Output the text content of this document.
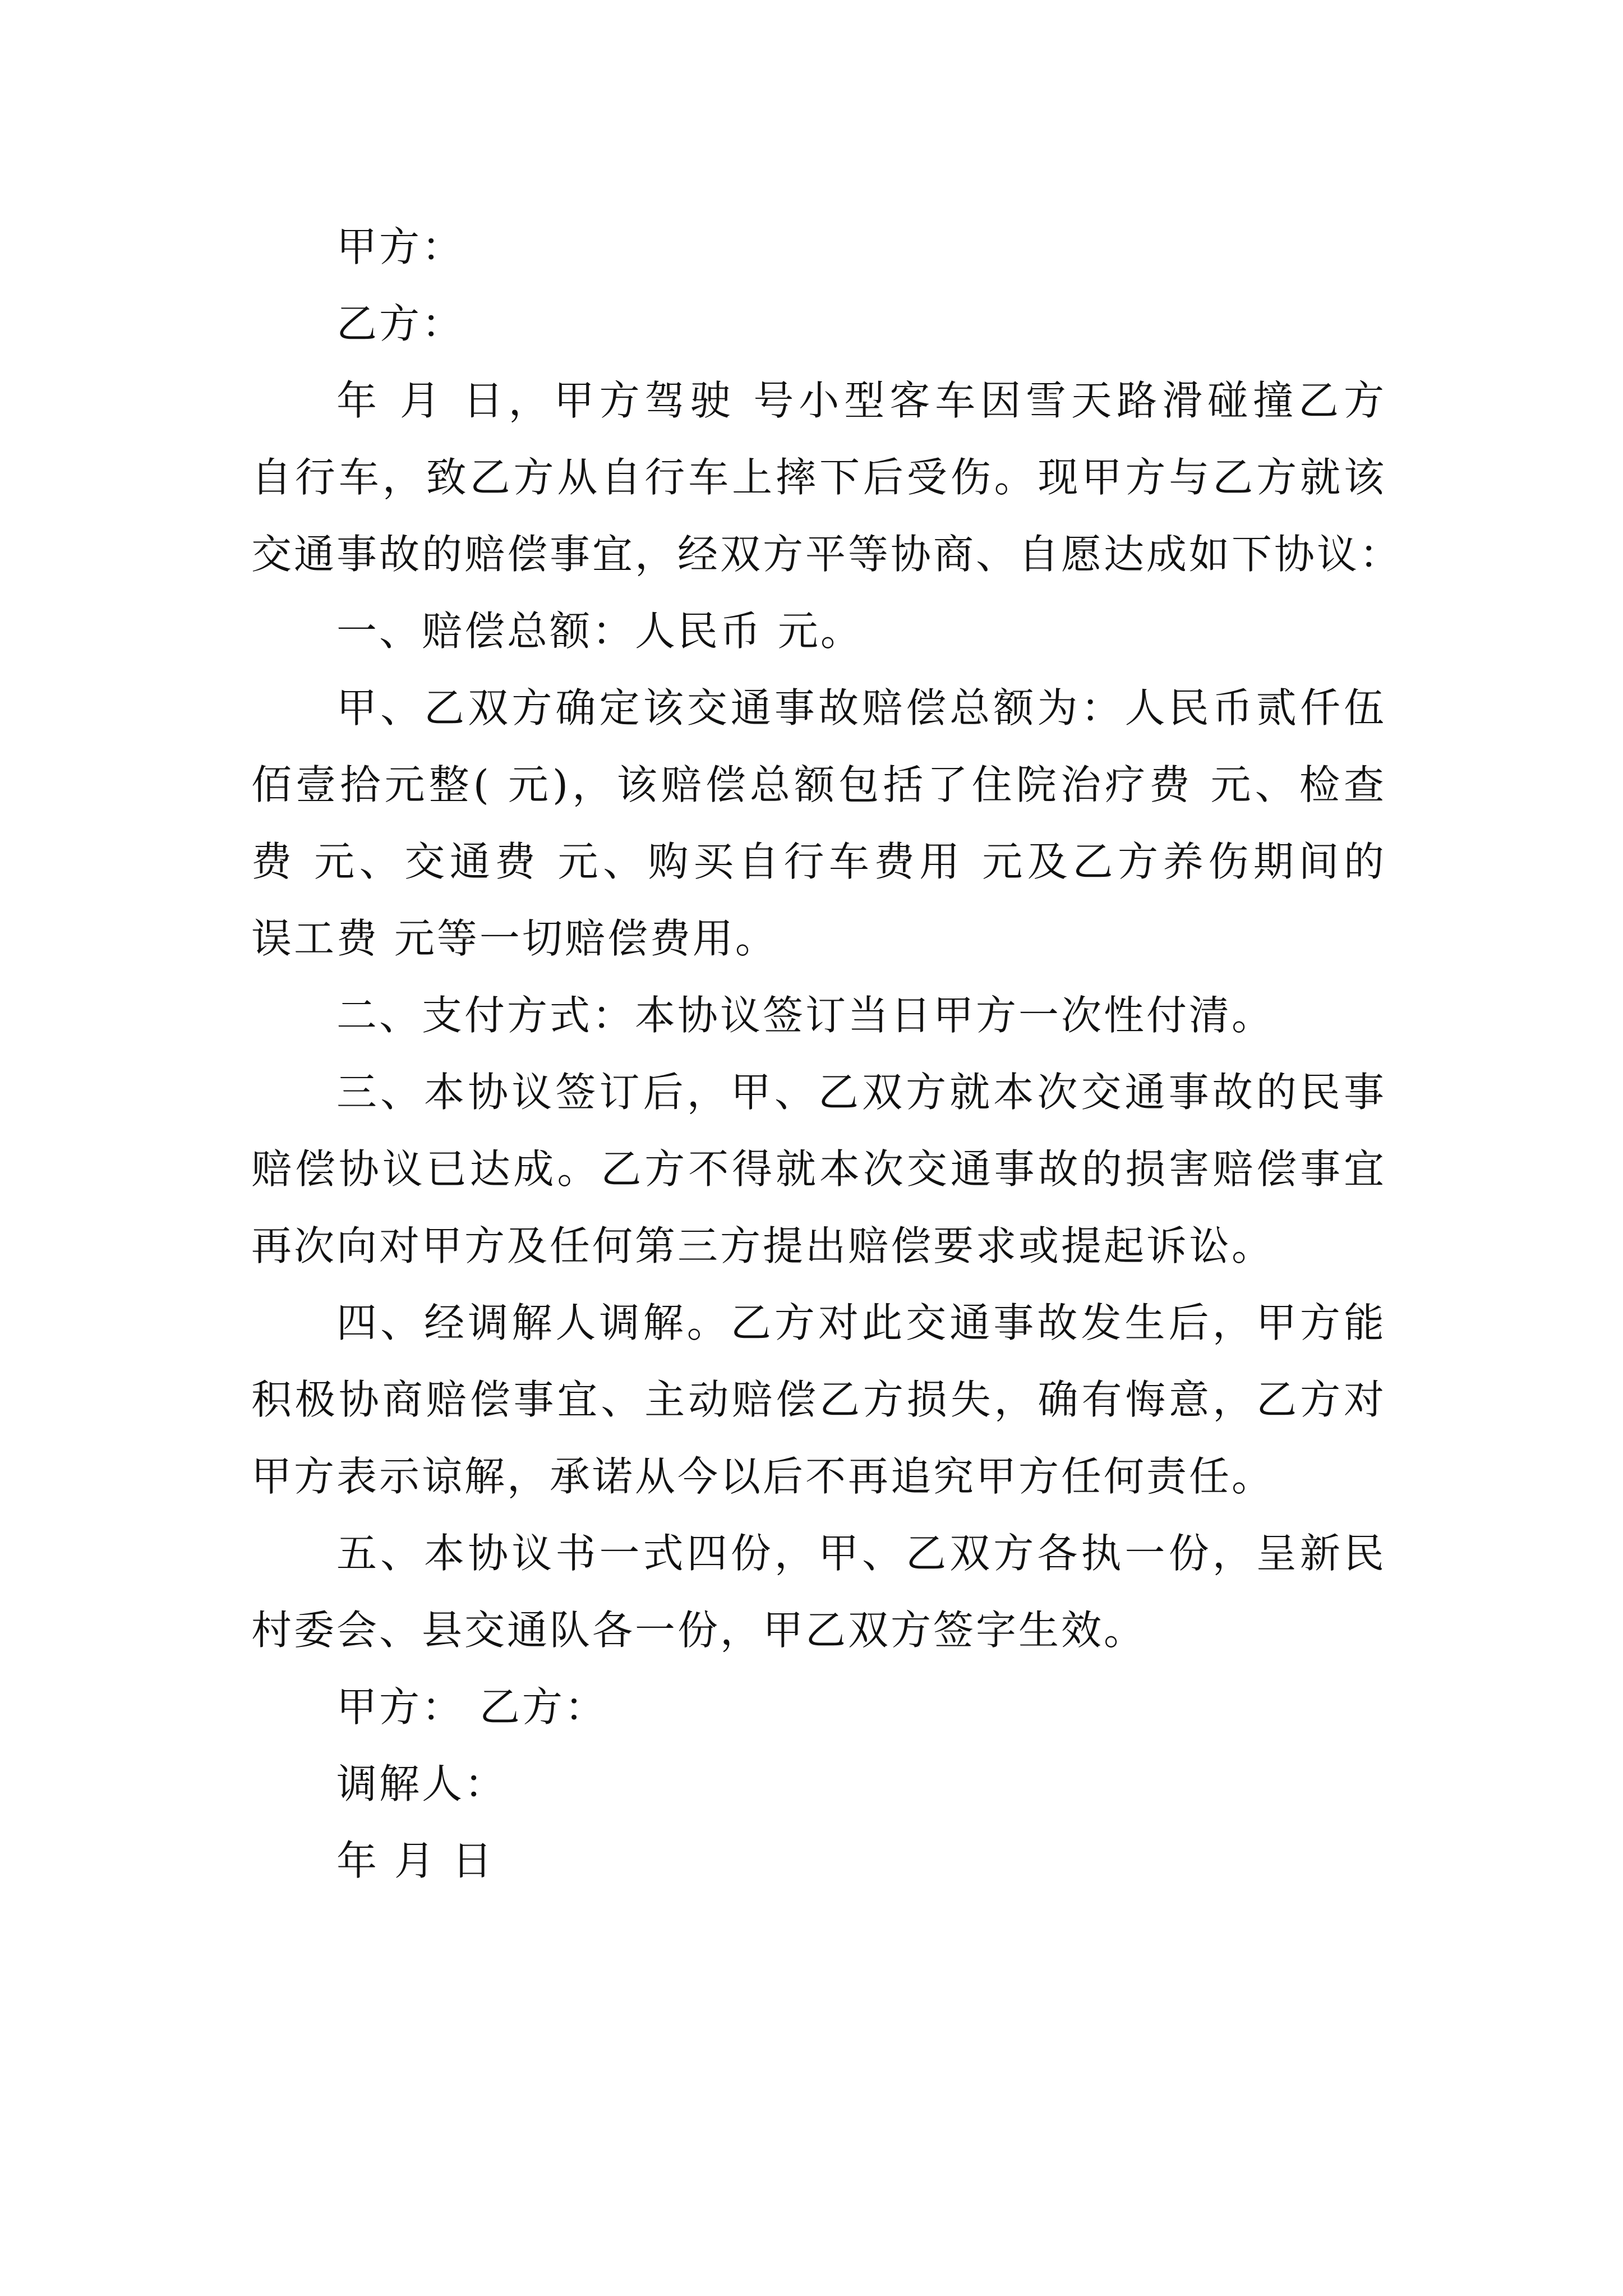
甲方：
乙方：
年 月 日，甲方驾驶 号小型客车因雪天路滑碰撞乙方
自行车，致乙方从自行车上摔下后受伤。现甲方与乙方就该
交通事故的赔偿事宜，经双方平等协商、自愿达成如下协议：
一、赔偿总额：人民币 元。
甲、乙双方确定该交通事故赔偿总额为：人民币贰仟伍
佰壹拾元整( 元)，该赔偿总额包括了住院治疗费 元、检查
费 元、交通费 元、购买自行车费用 元及乙方养伤期间的
误工费 元等一切赔偿费用。
二、支付方式：本协议签订当日甲方一次性付清。
三、本协议签订后，甲、乙双方就本次交通事故的民事
赔偿协议已达成。乙方不得就本次交通事故的损害赔偿事宜
再次向对甲方及任何第三方提出赔偿要求或提起诉讼。
四、经调解人调解。乙方对此交通事故发生后，甲方能
积极协商赔偿事宜、主动赔偿乙方损失，确有悔意，乙方对
甲方表示谅解，承诺从今以后不再追究甲方任何责任。
五、本协议书一式四份，甲、乙双方各执一份，呈新民
村委会、县交通队各一份，甲乙双方签字生效。
甲方： 乙方：
调解人：
年 月 日
